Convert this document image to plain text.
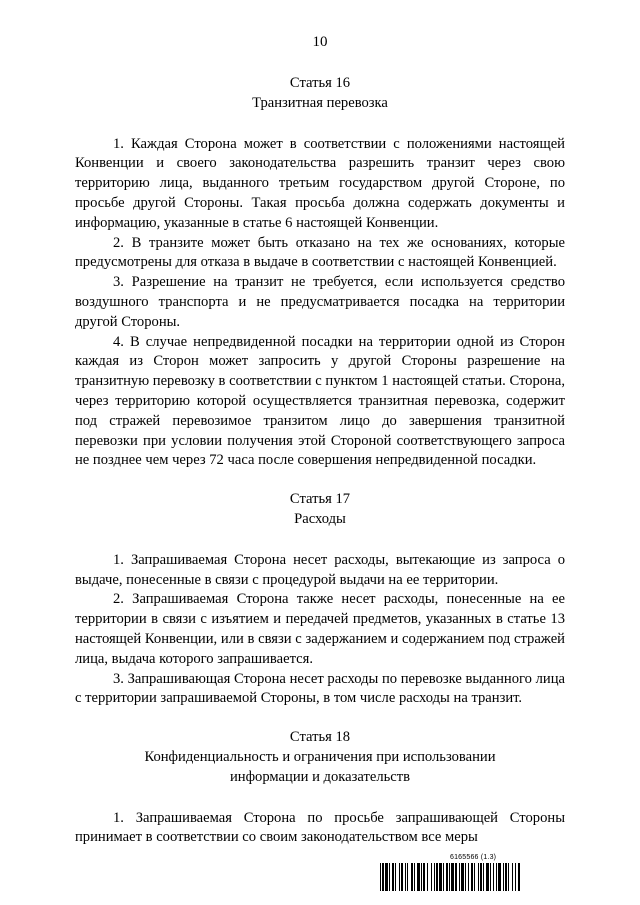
10
Статья 16
Транзитная перевозка

1. Каждая Сторона может в соответствии с положениями настоящей Конвенции и своего законодательства разрешить транзит через свою территорию лица, выданного третьим государством другой Стороне, по просьбе другой Стороны. Такая просьба должна содержать документы и информацию, указанные в статье 6 настоящей Конвенции.

2. В транзите может быть отказано на тех же основаниях, которые предусмотрены для отказа в выдаче в соответствии с настоящей Конвенцией.

3. Разрешение на транзит не требуется, если используется средство воздушного транспорта и не предусматривается посадка на территории другой Стороны.

4. В случае непредвиденной посадки на территории одной из Сторон каждая из Сторон может запросить у другой Стороны разрешение на транзитную перевозку в соответствии с пунктом 1 настоящей статьи. Сторона, через территорию которой осуществляется транзитная перевозка, содержит под стражей перевозимое транзитом лицо до завершения транзитной перевозки при условии получения этой Стороной соответствующего запроса не позднее чем через 72 часа после совершения непредвиденной посадки.

Статья 17
Расходы

1. Запрашиваемая Сторона несет расходы, вытекающие из запроса о выдаче, понесенные в связи с процедурой выдачи на ее территории.

2. Запрашиваемая Сторона также несет расходы, понесенные на ее территории в связи с изъятием и передачей предметов, указанных в статье 13 настоящей Конвенции, или в связи с задержанием и содержанием под стражей лица, выдача которого запрашивается.

3. Запрашивающая Сторона несет расходы по перевозке выданного лица с территории запрашиваемой Стороны, в том числе расходы на транзит.

Статья 18
Конфиденциальность и ограничения при использовании
информации и доказательств

1. Запрашиваемая Сторона по просьбе запрашивающей Стороны принимает в соответствии со своим законодательством все меры

6165566 (1.3)
